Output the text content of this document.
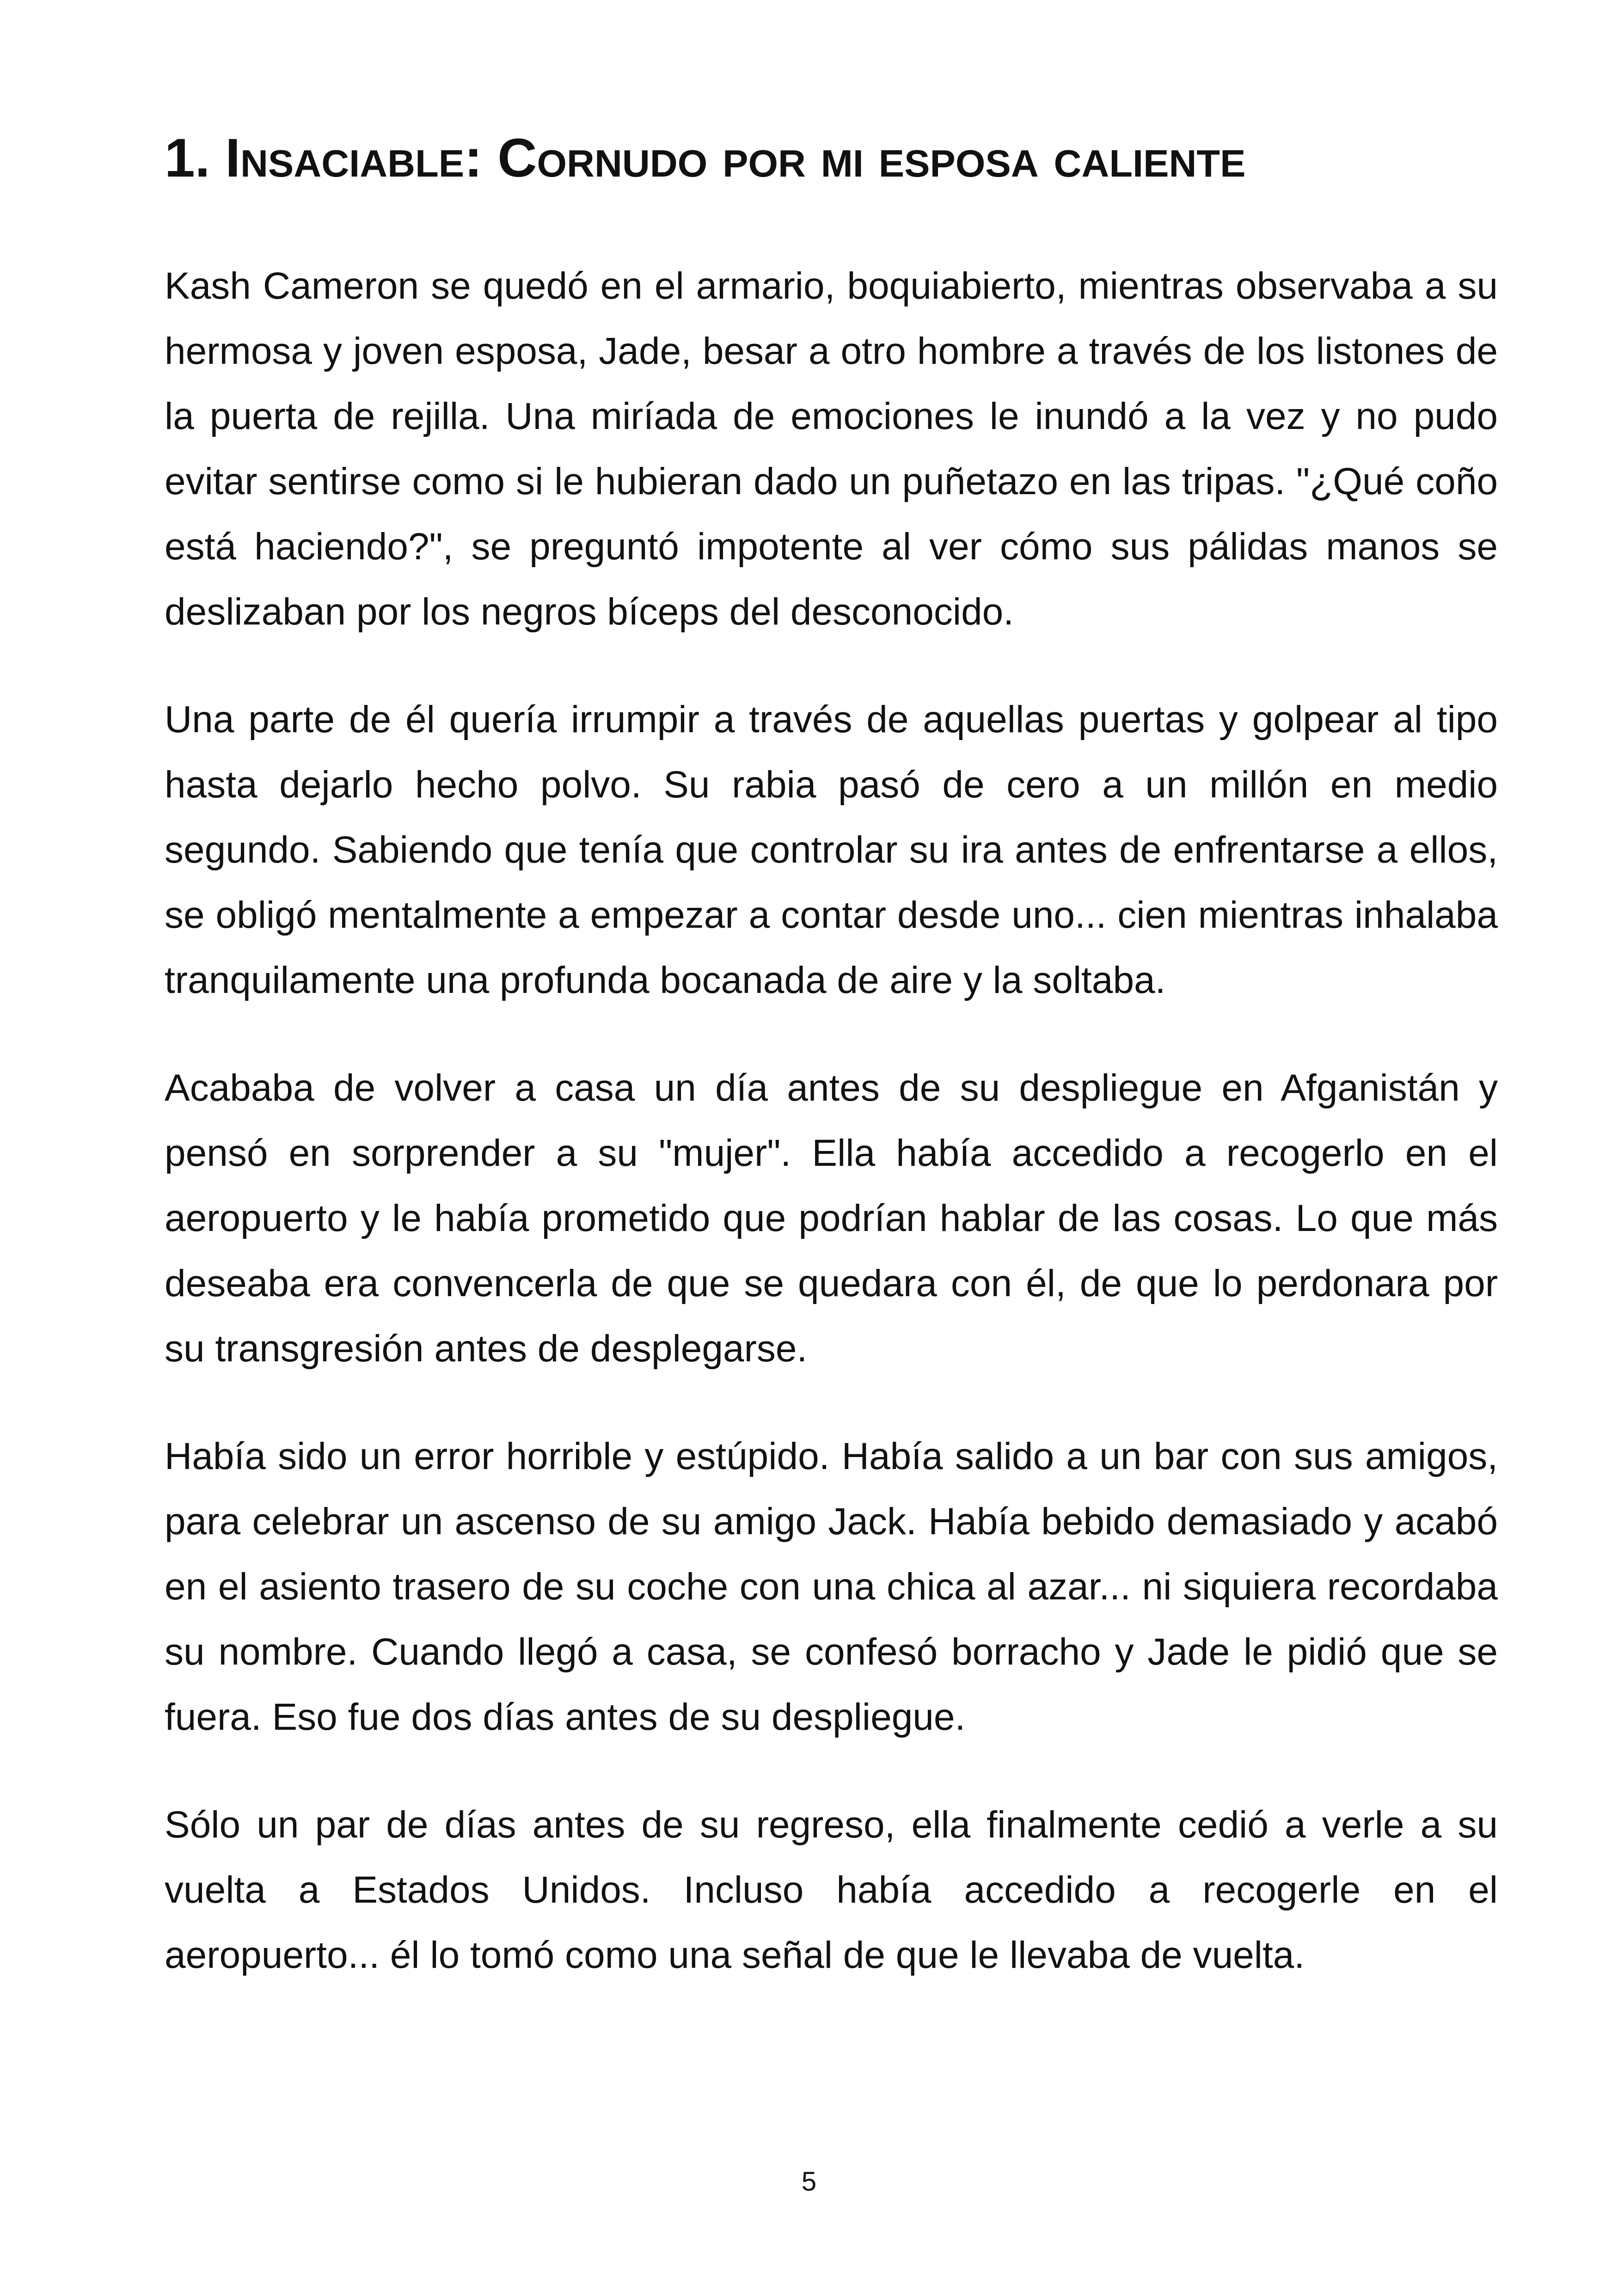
1. Insaciable: Cornudo por mi esposa caliente

Kash Cameron se quedó en el armario, boquiabierto, mientras observaba a su hermosa y joven esposa, Jade, besar a otro hombre a través de los listones de la puerta de rejilla. Una miríada de emociones le inundó a la vez y no pudo evitar sentirse como si le hubieran dado un puñetazo en las tripas. "¿Qué coño está haciendo?", se preguntó impotente al ver cómo sus pálidas manos se deslizaban por los negros bíceps del desconocido.

Una parte de él quería irrumpir a través de aquellas puertas y golpear al tipo hasta dejarlo hecho polvo. Su rabia pasó de cero a un millón en medio segundo. Sabiendo que tenía que controlar su ira antes de enfrentarse a ellos, se obligó mentalmente a empezar a contar desde uno... cien mientras inhalaba tranquilamente una profunda bocanada de aire y la soltaba.

Acababa de volver a casa un día antes de su despliegue en Afganistán y pensó en sorprender a su "mujer". Ella había accedido a recogerlo en el aeropuerto y le había prometido que podrían hablar de las cosas. Lo que más deseaba era convencerla de que se quedara con él, de que lo perdonara por su transgresión antes de desplegarse.

Había sido un error horrible y estúpido. Había salido a un bar con sus amigos, para celebrar un ascenso de su amigo Jack. Había bebido demasiado y acabó en el asiento trasero de su coche con una chica al azar... ni siquiera recordaba su nombre. Cuando llegó a casa, se confesó borracho y Jade le pidió que se fuera. Eso fue dos días antes de su despliegue.

Sólo un par de días antes de su regreso, ella finalmente cedió a verle a su vuelta a Estados Unidos. Incluso había accedido a recogerle en el aeropuerto... él lo tomó como una señal de que le llevaba de vuelta.

5
